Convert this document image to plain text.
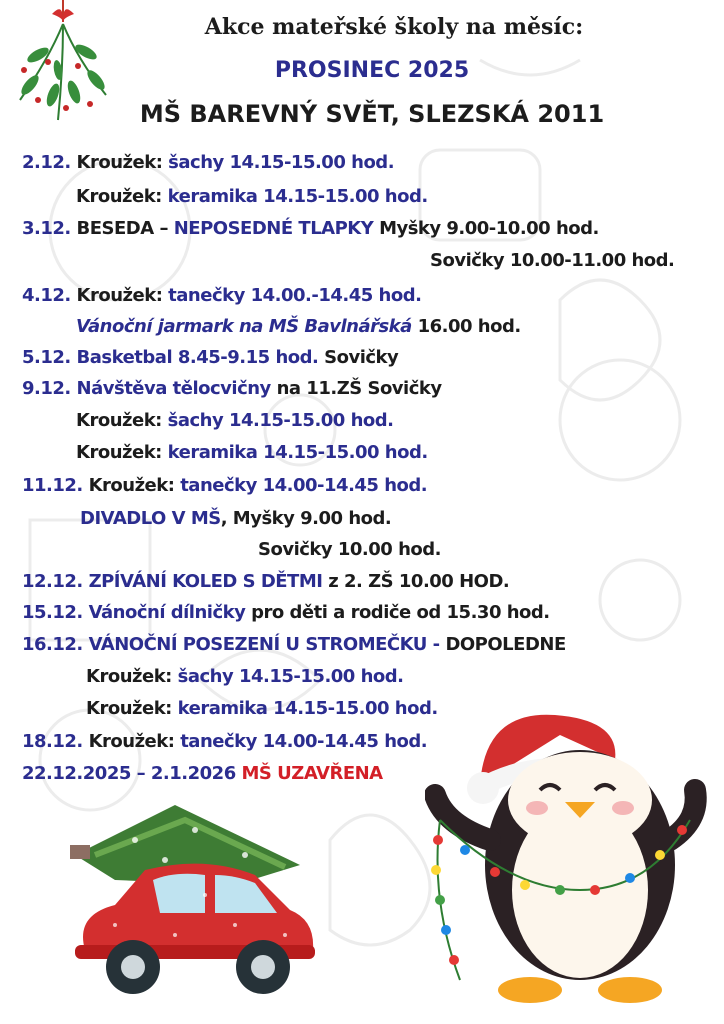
Akce mateřské školy na měsíc:
PROSINEC 2025
MŠ BAREVNÝ SVĚT, SLEZSKÁ 2011
2.12. Kroužek: šachy 14.15-15.00 hod.
Kroužek: keramika 14.15-15.00 hod.
3.12. BESEDA – NEPOSEDNÉ TLAPKY Myšky 9.00-10.00 hod.
Sovičky 10.00-11.00 hod.
4.12. Kroužek: tanečky 14.00.-14.45 hod.
Vánoční jarmark na MŠ Bavlnářská 16.00 hod.
5.12. Basketbal 8.45-9.15 hod. Sovičky
9.12. Návštěva tělocvičny na 11.ZŠ Sovičky
Kroužek: šachy 14.15-15.00 hod.
Kroužek: keramika 14.15-15.00 hod.
11.12. Kroužek: tanečky 14.00-14.45 hod.
DIVADLO V MŠ, Myšky 9.00 hod.
Sovičky 10.00 hod.
12.12. ZPÍVÁNÍ KOLED S DĚTMI z 2. ZŠ 10.00 HOD.
15.12. Vánoční dílničky pro děti a rodiče od 15.30 hod.
16.12. VÁNOČNÍ POSEZENÍ U STROMEČKU - DOPOLEDNE
Kroužek: šachy 14.15-15.00 hod.
Kroužek: keramika 14.15-15.00 hod.
18.12. Kroužek: tanečky 14.00-14.45 hod.
22.12.2025 – 2.1.2026 MŠ UZAVŘENA
